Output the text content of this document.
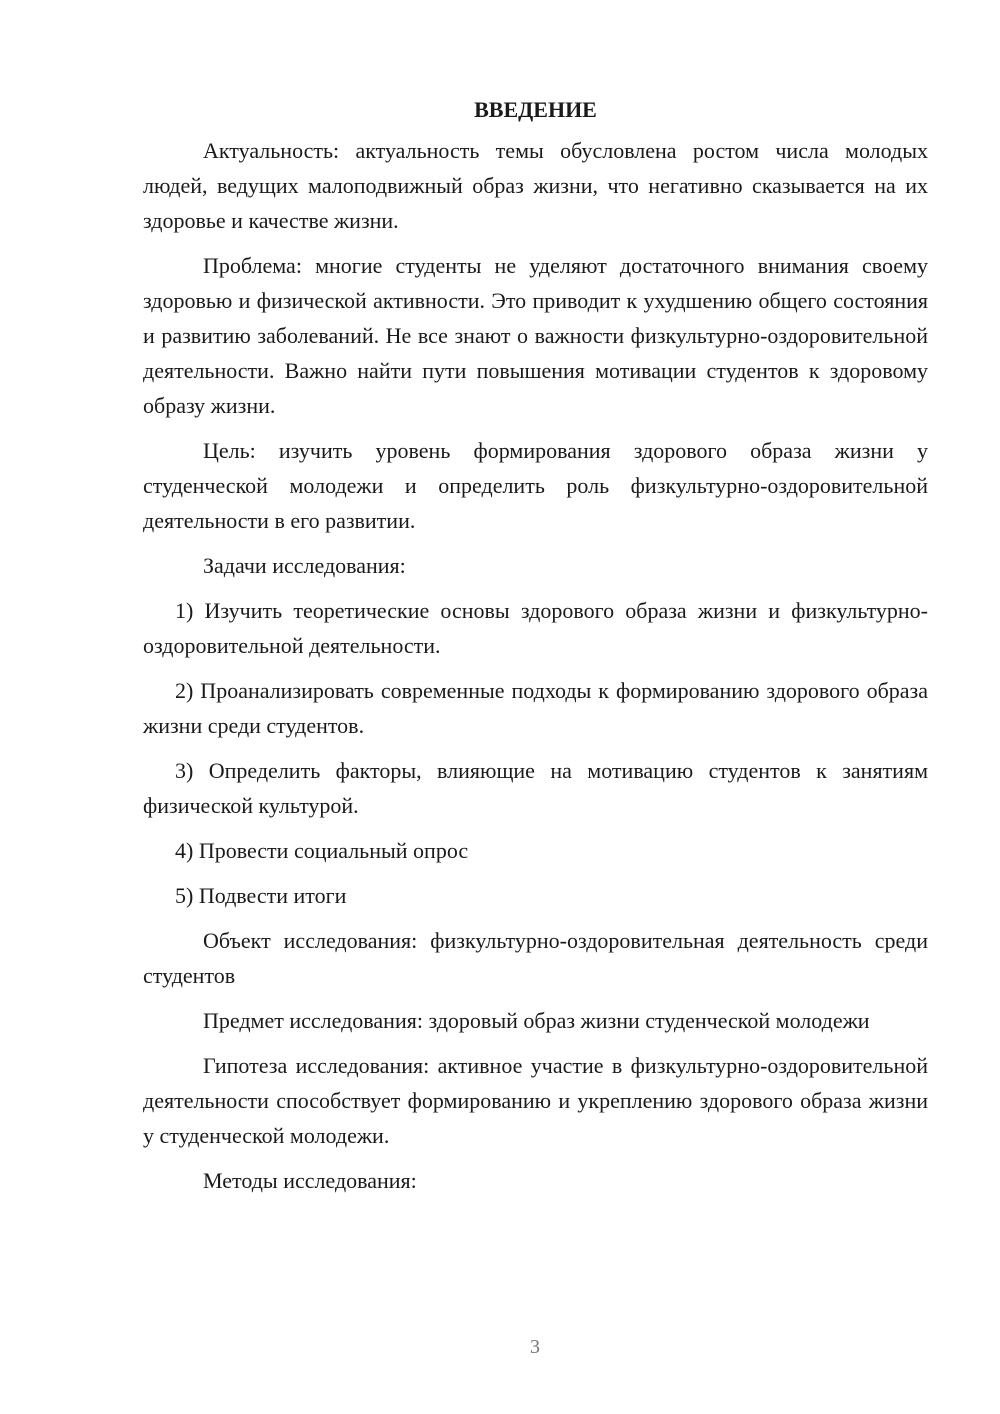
ВВЕДЕНИЕ

Актуальность: актуальность темы обусловлена ростом числа молодых людей, ведущих малоподвижный образ жизни, что негативно сказывается на их здоровье и качестве жизни.

Проблема: многие студенты не уделяют достаточного внимания своему здоровью и физической активности. Это приводит к ухудшению общего состояния и развитию заболеваний. Не все знают о важности физкультурно-оздоровительной деятельности. Важно найти пути повышения мотивации студентов к здоровому образу жизни.

Цель: изучить уровень формирования здорового образа жизни у студенческой молодежи и определить роль физкультурно-оздоровительной деятельности в его развитии.

Задачи исследования:

1) Изучить теоретические основы здорового образа жизни и физкультурно-оздоровительной деятельности.

2) Проанализировать современные подходы к формированию здорового образа жизни среди студентов.

3) Определить факторы, влияющие на мотивацию студентов к занятиям физической культурой.

4) Провести социальный опрос

5) Подвести итоги

Объект исследования: физкультурно-оздоровительная деятельность среди студентов

Предмет исследования: здоровый образ жизни студенческой молодежи

Гипотеза исследования: активное участие в физкультурно-оздоровительной деятельности способствует формированию и укреплению здорового образа жизни у студенческой молодежи.

Методы исследования:

3
